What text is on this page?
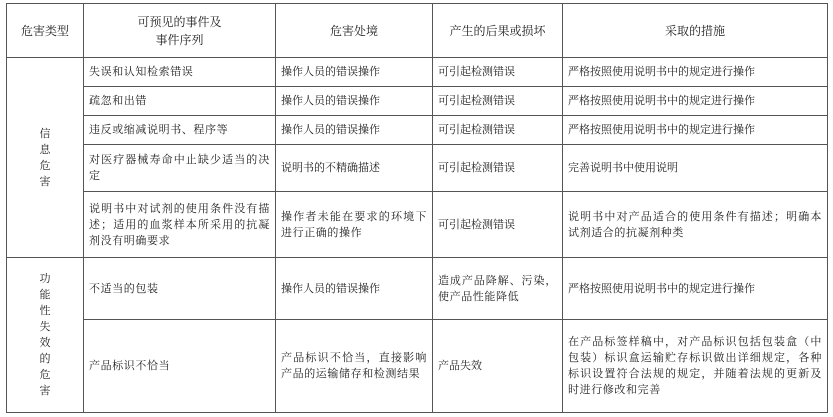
危害类型	可预见的事件及
事件序列	危害处境	产生的后果或损坏	采取的措施
信息危害	失误和认知检索错误	操作人员的错误操作	可引起检测错误	严格按照使用说明书中的规定进行操作
	疏忽和出错	操作人员的错误操作	可引起检测错误	严格按照使用说明书中的规定进行操作
	违反或缩减说明书、程序等	操作人员的错误操作	可引起检测错误	严格按照使用说明书中的规定进行操作
	对医疗器械寿命中止缺少适当的决定	说明书的不精确描述	可引起检测错误	完善说明书中使用说明
	说明书中对试剂的使用条件没有描述；适用的血浆样本所采用的抗凝剂没有明确要求	操作者未能在要求的环境下进行正确的操作	可引起检测错误	说明书中对产品适合的使用条件有描述；明确本试剂适合的抗凝剂种类
功能性失效的危害	不适当的包装	操作人员的错误操作	造成产品降解、污染，使产品性能降低	严格按照使用说明书中的规定进行操作
	产品标识不恰当	产品标识不恰当，直接影响产品的运输储存和检测结果	产品失效	在产品标签样稿中，对产品标识包括包装盒（中包装）标识盒运输贮存标识做出详细规定，各种标识设置符合法规的规定，并随着法规的更新及时进行修改和完善
